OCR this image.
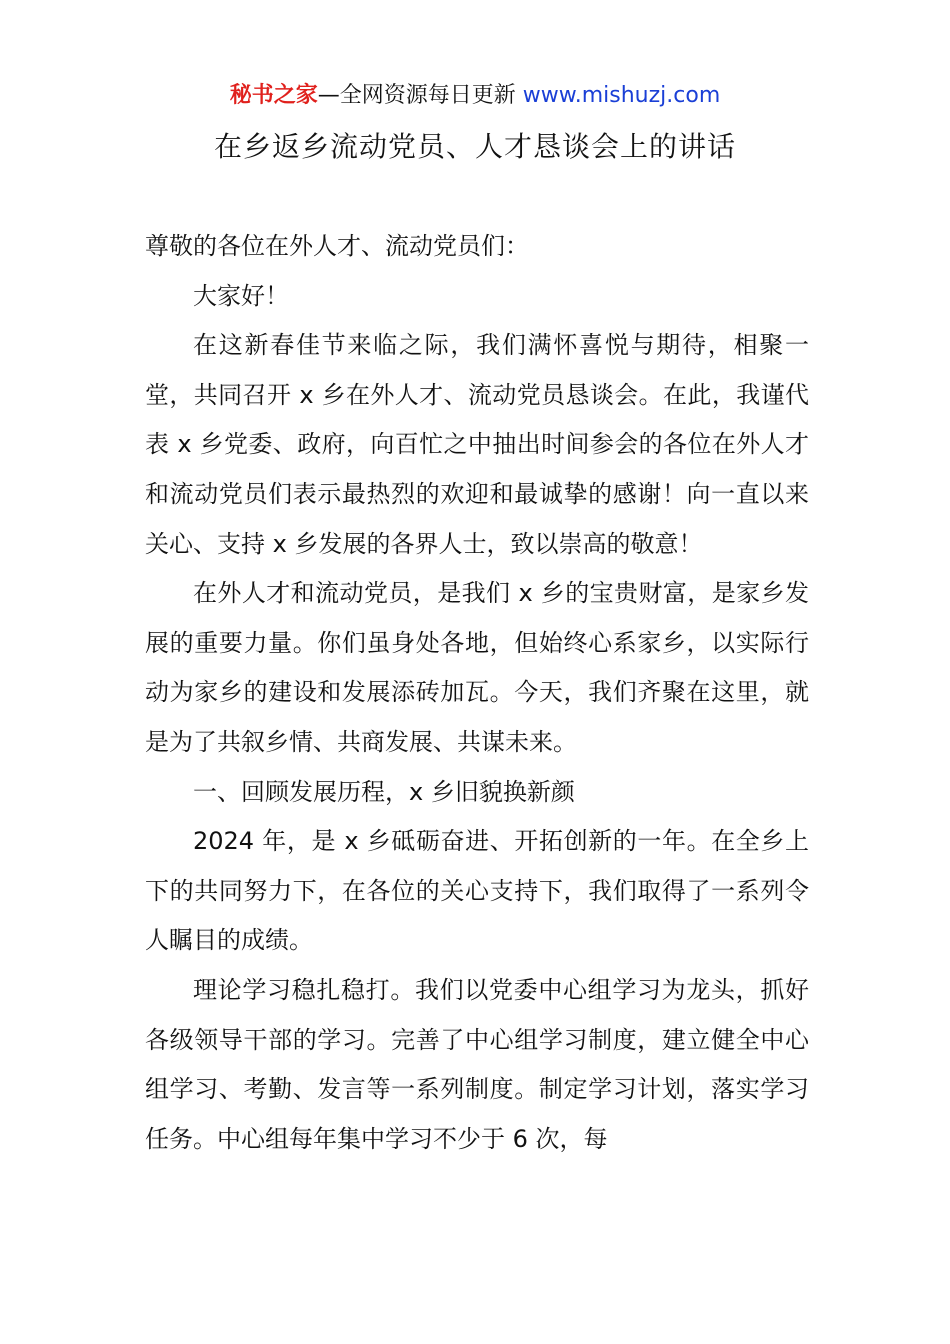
秘书之家—全网资源每日更新 www.mishuzj.com
在乡返乡流动党员、人才恳谈会上的讲话

尊敬的各位在外人才、流动党员们：

大家好！

在这新春佳节来临之际，我们满怀喜悦与期待，相聚一堂，共同召开 x 乡在外人才、流动党员恳谈会。在此，我谨代表 x 乡党委、政府，向百忙之中抽出时间参会的各位在外人才和流动党员们表示最热烈的欢迎和最诚挚的感谢！向一直以来关心、支持 x 乡发展的各界人士，致以崇高的敬意！

在外人才和流动党员，是我们 x 乡的宝贵财富，是家乡发展的重要力量。你们虽身处各地，但始终心系家乡，以实际行动为家乡的建设和发展添砖加瓦。今天，我们齐聚在这里，就是为了共叙乡情、共商发展、共谋未来。

一、回顾发展历程，x 乡旧貌换新颜

2024 年，是 x 乡砥砺奋进、开拓创新的一年。在全乡上下的共同努力下，在各位的关心支持下，我们取得了一系列令人瞩目的成绩。

理论学习稳扎稳打。我们以党委中心组学习为龙头，抓好各级领导干部的学习。完善了中心组学习制度，建立健全中心组学习、考勤、发言等一系列制度。制定学习计划，落实学习任务。中心组每年集中学习不少于 6 次，每
